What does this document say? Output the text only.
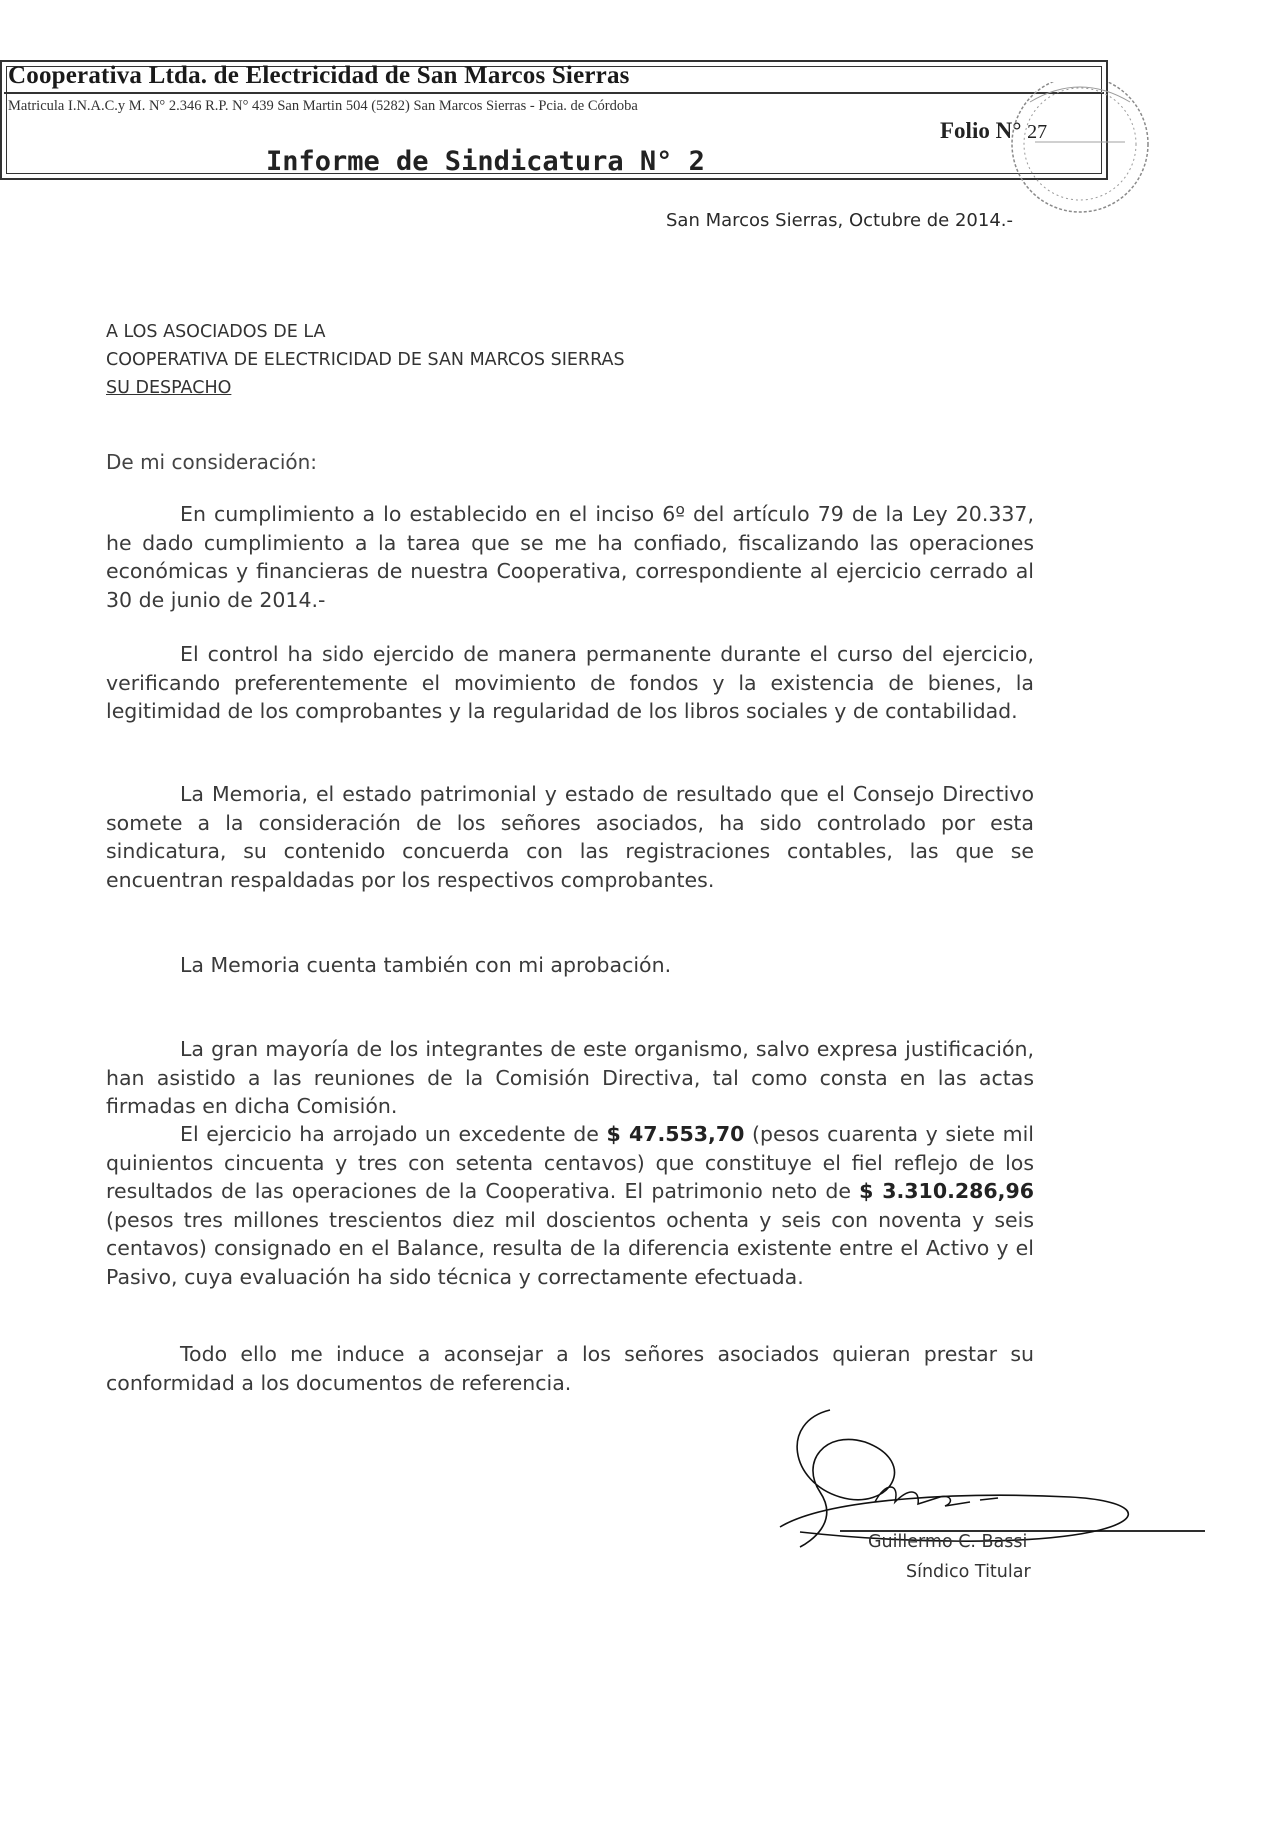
Cooperativa Ltda. de Electricidad de San Marcos Sierras
Matricula I.N.A.C.y M. N° 2.346 R.P. N° 439 San Martin 504 (5282) San Marcos Sierras - Pcia. de Córdoba
Informe de Sindicatura N° 2
Folio N° 27
San Marcos Sierras, Octubre de 2014.-
A LOS ASOCIADOS DE LA
COOPERATIVA DE ELECTRICIDAD DE SAN MARCOS SIERRAS
SU DESPACHO
De mi consideración:

En cumplimiento a lo establecido en el inciso 6º del artículo 79 de la Ley 20.337, he dado cumplimiento a la tarea que se me ha confiado, fiscalizando las operaciones económicas y financieras de nuestra Cooperativa, correspondiente al ejercicio cerrado al 30 de junio de 2014.-

El control ha sido ejercido de manera permanente durante el curso del ejercicio, verificando preferentemente el movimiento de fondos y la existencia de bienes, la legitimidad de los comprobantes y la regularidad de los libros sociales y de contabilidad.

La Memoria, el estado patrimonial y estado de resultado que el Consejo Directivo somete a la consideración de los señores asociados, ha sido controlado por esta sindicatura, su contenido concuerda con las registraciones contables, las que se encuentran respaldadas por los respectivos comprobantes.

La Memoria cuenta también con mi aprobación.

La gran mayoría de los integrantes de este organismo, salvo expresa justificación, han asistido a las reuniones de la Comisión Directiva, tal como consta en las actas firmadas en dicha Comisión.

El ejercicio ha arrojado un excedente de $ 47.553,70 (pesos cuarenta y siete mil quinientos cincuenta y tres con setenta centavos) que constituye el fiel reflejo de los resultados de las operaciones de la Cooperativa. El patrimonio neto de $ 3.310.286,96 (pesos tres millones trescientos diez mil doscientos ochenta y seis con noventa y seis centavos) consignado en el Balance, resulta de la diferencia existente entre el Activo y el Pasivo, cuya evaluación ha sido técnica y correctamente efectuada.

Todo ello me induce a aconsejar a los señores asociados quieran prestar su conformidad a los documentos de referencia.

Guillermo C. Bassi
Síndico Titular
